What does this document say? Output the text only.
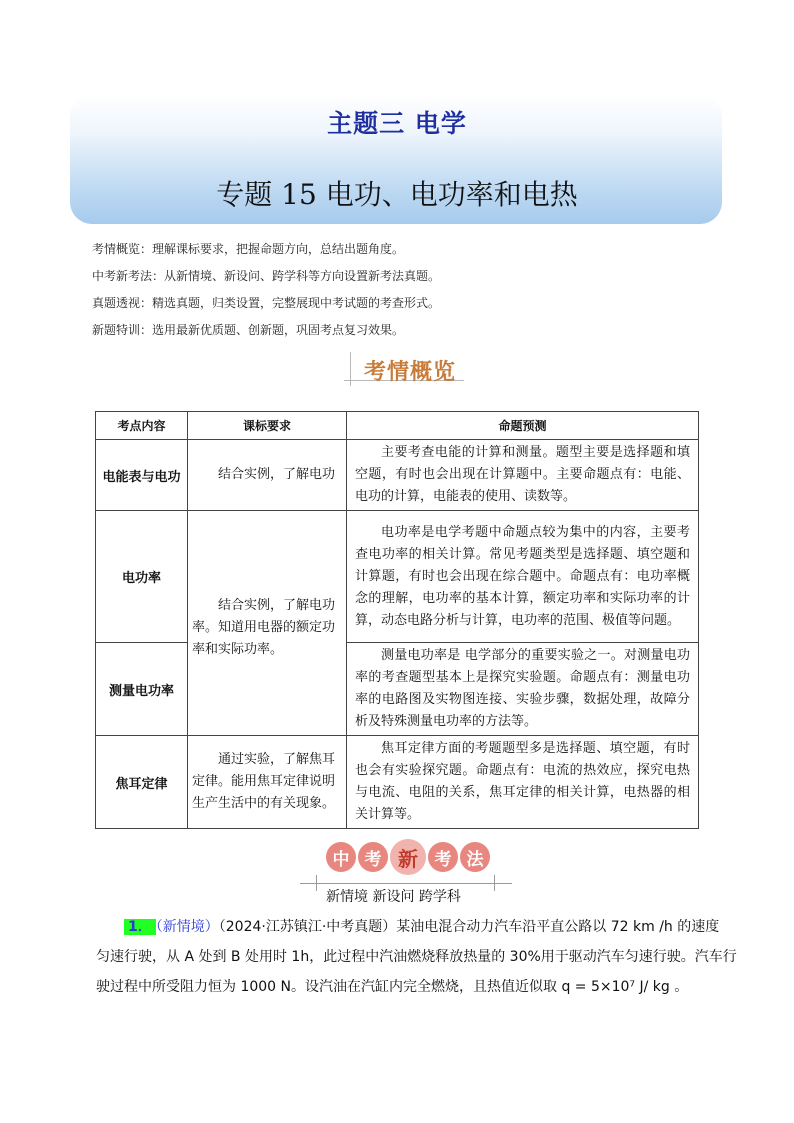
主题三 电学
专题 15 电功、电功率和电热
考情概览：理解课标要求，把握命题方向，总结出题角度。
中考新考法：从新情境、新设问、跨学科等方向设置新考法真题。
真题透视：精选真题，归类设置，完整展现中考试题的考查形式。
新题特训：选用最新优质题、创新题，巩固考点复习效果。
考情概览
考点内容	课标要求	命题预测
电能表与电功	结合实例，了解电功	主要考查电能的计算和测量。题型主要是选择题和填空题，有时也会出现在计算题中。主要命题点有：电能、电功的计算，电能表的使用、读数等。

电功率	结合实例，了解电功率。知道用电器的额定功率和实际功率。	电功率是电学考题中命题点较为集中的内容，主要考查电功率的相关计算。常见考题类型是选择题、填空题和计算题，有时也会出现在综合题中。命题点有：电功率概念的理解，电功率的基本计算，额定功率和实际功率的计算，动态电路分析与计算，电功率的范围、极值等问题。

测量电功率		测量电功率是 电学部分的重要实验之一。对测量电功率的考查题型基本上是探究实验题。命题点有：测量电功率的电路图及实物图连接、实验步骤，数据处理，故障分析及特殊测量电功率的方法等。

焦耳定律	通过实验，了解焦耳定律。能用焦耳定律说明生产生活中的有关现象。	焦耳定律方面的考题题型多是选择题、填空题，有时也会有实验探究题。命题点有：电流的热效应，探究电热与电流、电阻的关系，焦耳定律的相关计算，电热器的相关计算等。
中 考 新 考 法
新情境 新设问 跨学科
1． （新情境）（2024·江苏镇江·中考真题）某油电混合动力汽车沿平直公路以 72 km /h 的速度
匀速行驶，从 A 处到 B 处用时 1h，此过程中汽油燃烧释放热量的 30%用于驱动汽车匀速行驶。汽车行
驶过程中所受阻力恒为 1000 N。设汽油在汽缸内完全燃烧，且热值近似取 q = 5×10⁷ J/ kg 。
